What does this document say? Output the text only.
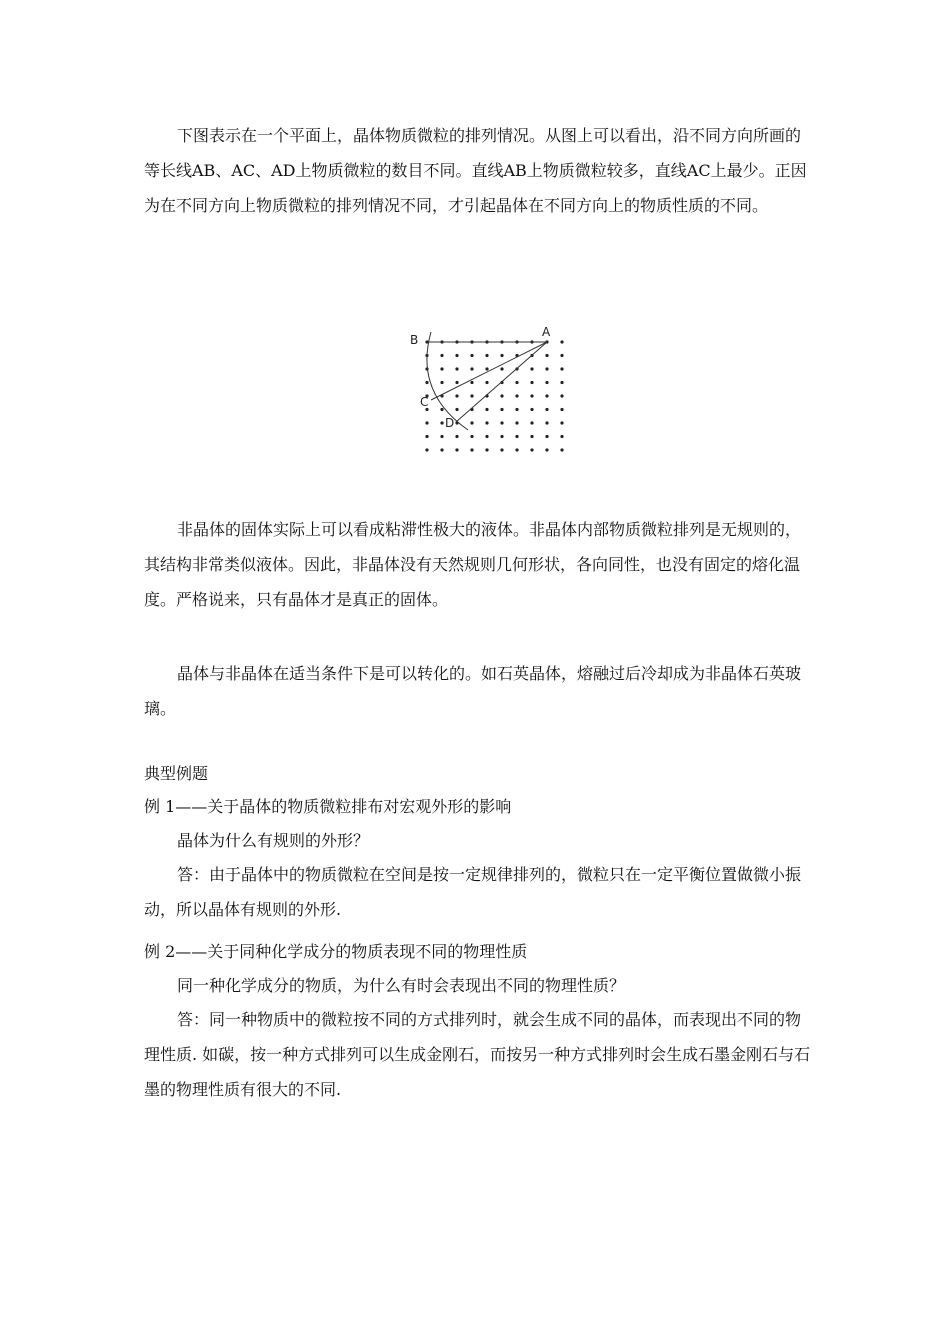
下图表示在一个平面上，晶体物质微粒的排列情况。从图上可以看出，沿不同方向所画的等长线AB、AC、AD上物质微粒的数目不同。直线AB上物质微粒较多，直线AC上最少。正因为在不同方向上物质微粒的排列情况不同，才引起晶体在不同方向上的物质性质的不同。

B
A
C
D

非晶体的固体实际上可以看成粘滞性极大的液体。非晶体内部物质微粒排列是无规则的，其结构非常类似液体。因此，非晶体没有天然规则几何形状，各向同性，也没有固定的熔化温度。严格说来，只有晶体才是真正的固体。

晶体与非晶体在适当条件下是可以转化的。如石英晶体，熔融过后冷却成为非晶体石英玻璃。

典型例题

例 1——关于晶体的物质微粒排布对宏观外形的影响

晶体为什么有规则的外形？

答：由于晶体中的物质微粒在空间是按一定规律排列的，微粒只在一定平衡位置做微小振动，所以晶体有规则的外形.

例 2——关于同种化学成分的物质表现不同的物理性质

同一种化学成分的物质，为什么有时会表现出不同的物理性质？

答：同一种物质中的微粒按不同的方式排列时，就会生成不同的晶体，而表现出不同的物理性质. 如碳，按一种方式排列可以生成金刚石，而按另一种方式排列时会生成石墨金刚石与石墨的物理性质有很大的不同.
